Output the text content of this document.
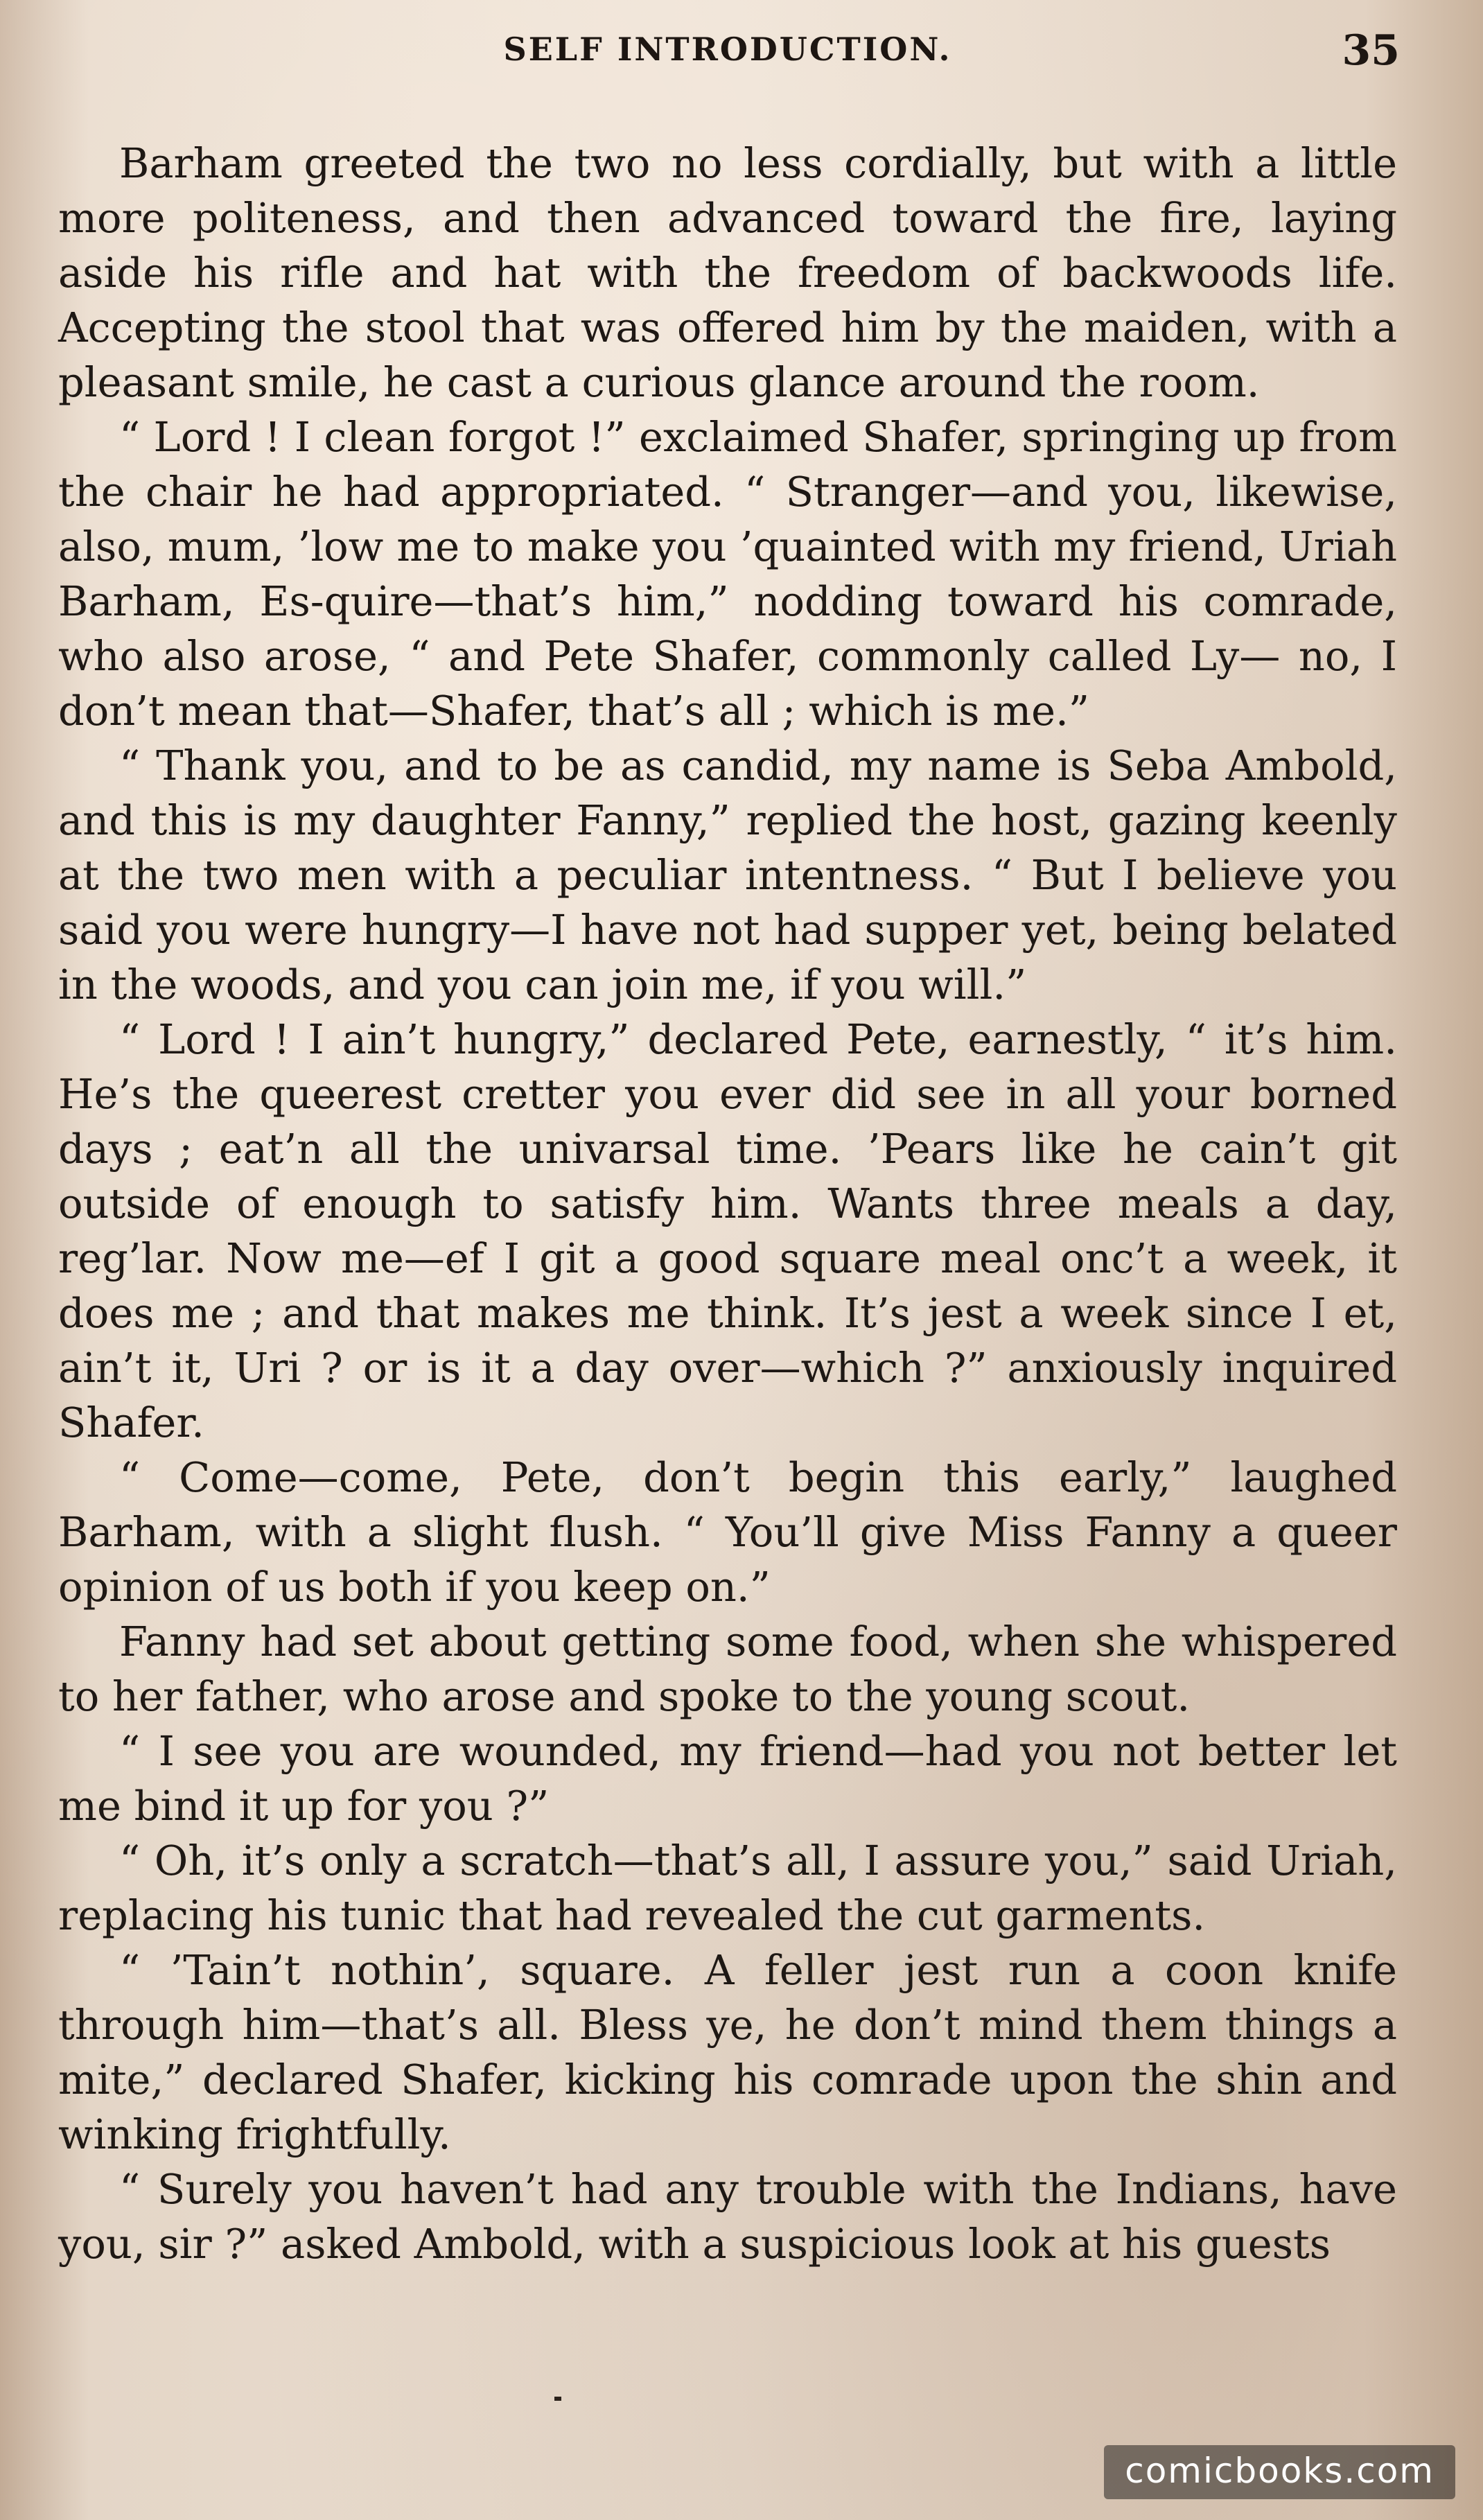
SELF INTRODUCTION.	35

Barham greeted the two no less cordially, but with a little more politeness, and then advanced toward the fire, laying aside his rifle and hat with the freedom of backwoods life. Accepting the stool that was offered him by the maiden, with a pleasant smile, he cast a curious glance around the room.

“ Lord ! I clean forgot !” exclaimed Shafer, springing up from the chair he had appropriated. “ Stranger—and you, likewise, also, mum, ’low me to make you ’quainted with my friend, Uriah Barham, Es-quire—that’s him,” nodding toward his comrade, who also arose, “ and Pete Shafer, commonly called Ly— no, I don’t mean that—Shafer, that’s all ; which is me.”

“ Thank you, and to be as candid, my name is Seba Ambold, and this is my daughter Fanny,” replied the host, gazing keenly at the two men with a peculiar intentness. “ But I believe you said you were hungry—I have not had supper yet, being belated in the woods, and you can join me, if you will.”

“ Lord ! I ain’t hungry,” declared Pete, earnestly, “ it’s him. He’s the queerest cretter you ever did see in all your borned days ; eat’n all the univarsal time. ’Pears like he cain’t git outside of enough to satisfy him. Wants three meals a day, reg’lar. Now me—ef I git a good square meal onc’t a week, it does me ; and that makes me think. It’s jest a week since I et, ain’t it, Uri ? or is it a day over—which ?” anxiously inquired Shafer.

“ Come—come, Pete, don’t begin this early,” laughed Barham, with a slight flush. “ You’ll give Miss Fanny a queer opinion of us both if you keep on.”

Fanny had set about getting some food, when she whispered to her father, who arose and spoke to the young scout.

“ I see you are wounded, my friend—had you not better let me bind it up for you ?”

“ Oh, it’s only a scratch—that’s all, I assure you,” said Uriah, replacing his tunic that had revealed the cut garments.

“ ’Tain’t nothin’, square. A feller jest run a coon knife through him—that’s all. Bless ye, he don’t mind them things a mite,” declared Shafer, kicking his comrade upon the shin and winking frightfully.

“ Surely you haven’t had any trouble with the Indians, have you, sir ?” asked Ambold, with a suspicious look at his guests

comicbooks.com
